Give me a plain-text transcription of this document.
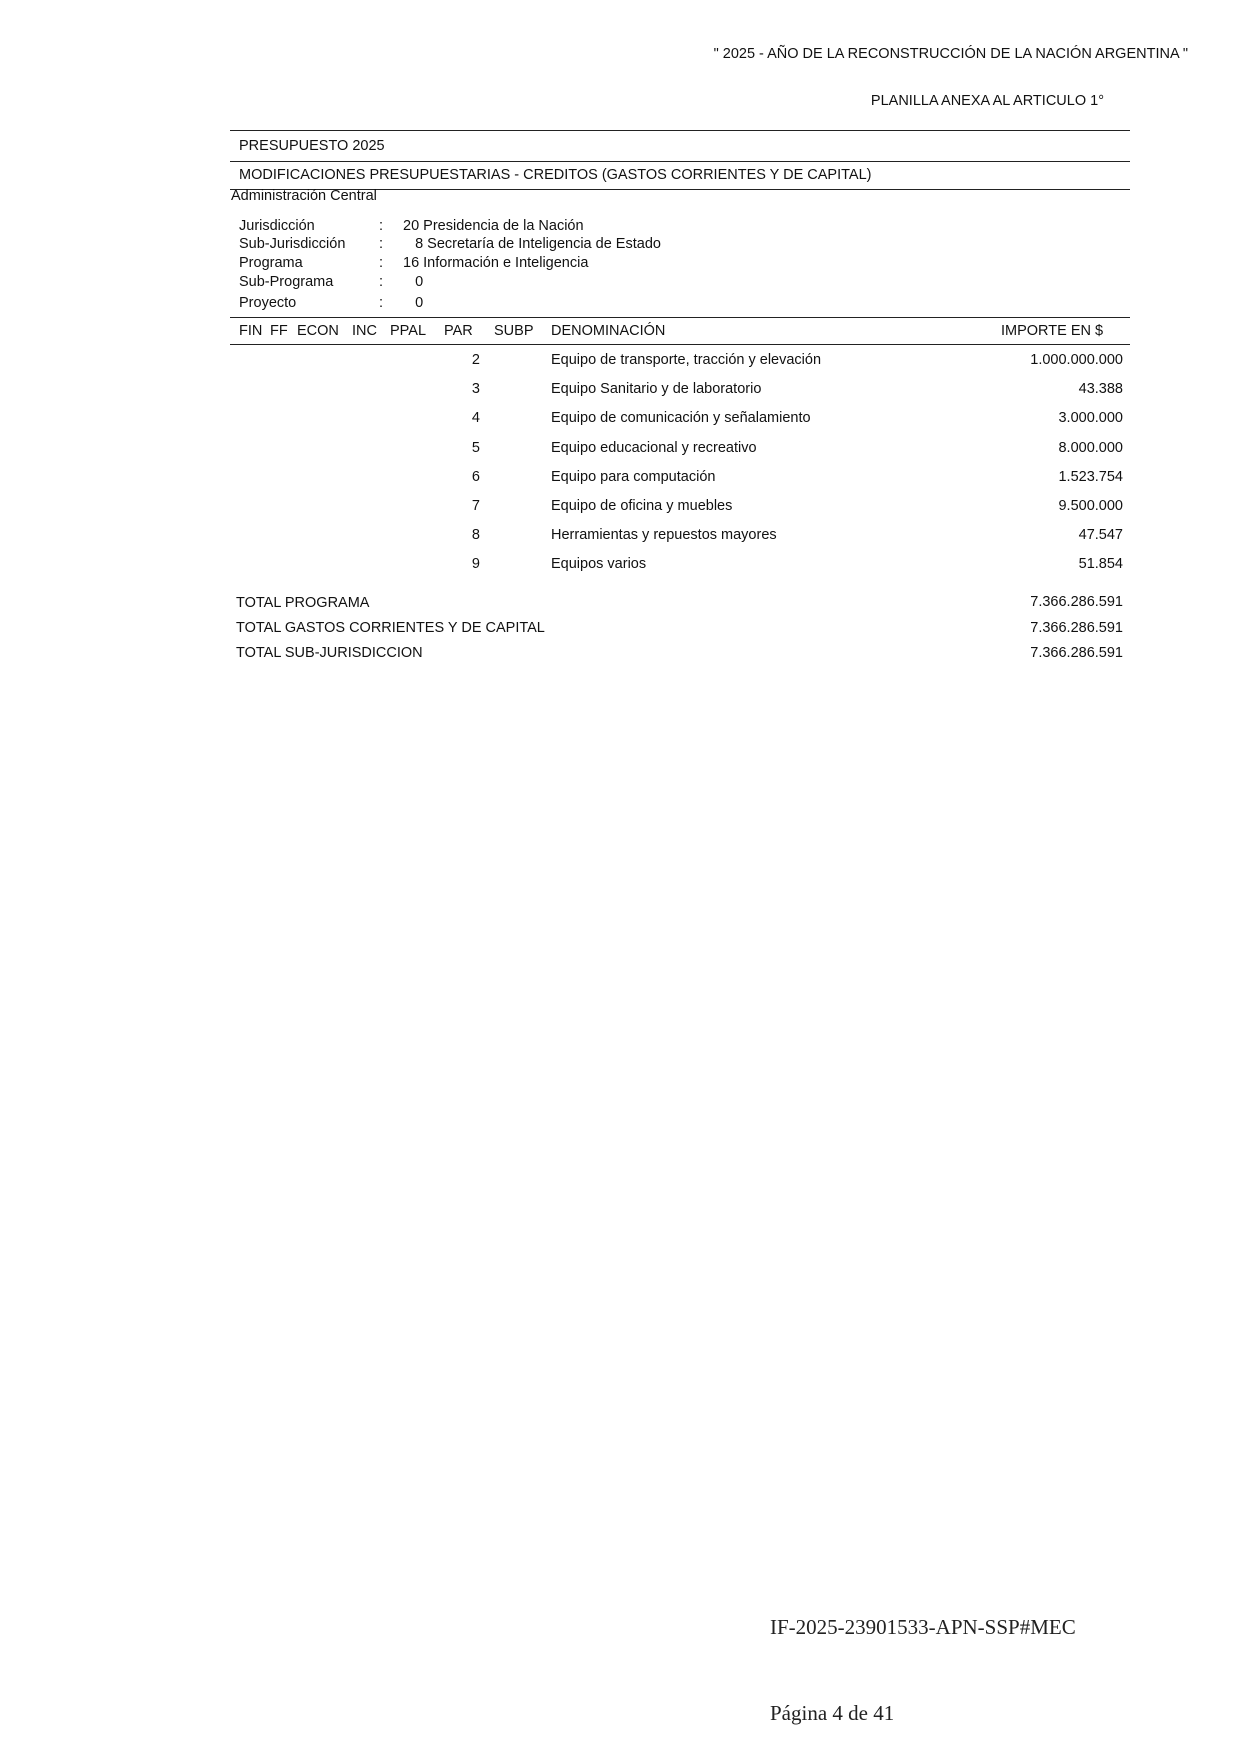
" 2025 - AÑO DE LA RECONSTRUCCIÓN DE LA NACIÓN ARGENTINA "
PLANILLA ANEXA AL ARTICULO 1°
PRESUPUESTO 2025
MODIFICACIONES PRESUPUESTARIAS - CREDITOS (GASTOS CORRIENTES Y DE CAPITAL)
Administración Central
Jurisdicción	: 20 Presidencia de la Nación
Sub-Jurisdicción : 8 Secretaría de Inteligencia de Estado
Programa	: 16 Información e Inteligencia
Sub-Programa	: 0
Proyecto	: 0
FIN FF ECON INC PPAL PAR SUBP DENOMINACIÓN	IMPORTE EN $
2	Equipo de transporte, tracción y elevación	1.000.000.000
3	Equipo Sanitario y de laboratorio	43.388
4	Equipo de comunicación y señalamiento	3.000.000
5	Equipo educacional y recreativo	8.000.000
6	Equipo para computación	1.523.754
7	Equipo de oficina y muebles	9.500.000
8	Herramientas y repuestos mayores	47.547
9	Equipos varios	51.854
TOTAL PROGRAMA	7.366.286.591
TOTAL GASTOS CORRIENTES Y DE CAPITAL	7.366.286.591
TOTAL SUB-JURISDICCION	7.366.286.591
IF-2025-23901533-APN-SSP#MEC
Página 4 de 41
